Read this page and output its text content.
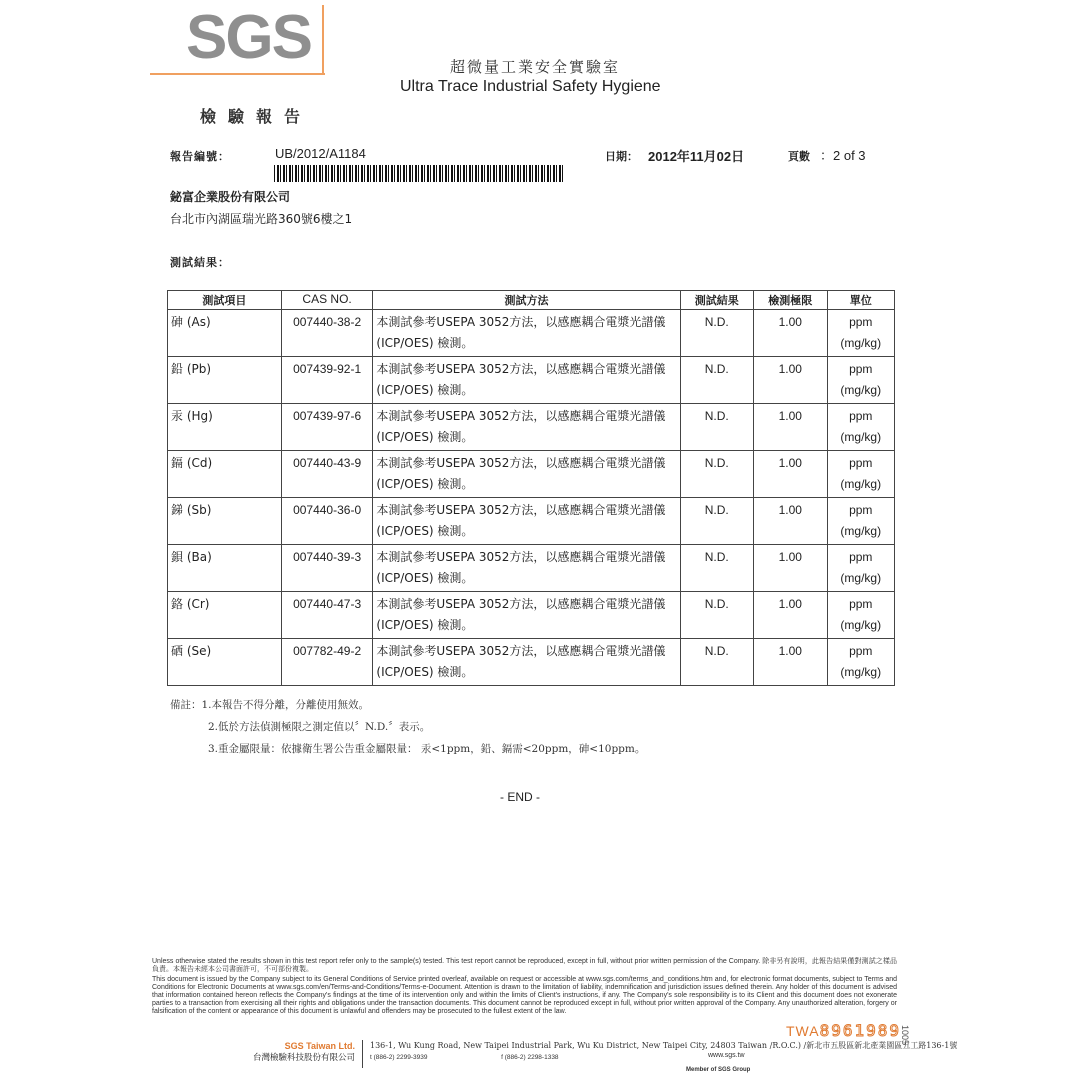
SGS	超微量工業安全實驗室
Ultra Trace Industrial Safety Hygiene
檢驗報告
報告編號：	UB/2012/A1184	日期： 2012年11月02日	頁數 ：2 of 3
鉍富企業股份有限公司
台北市內湖區瑞光路360號6樓之1
測試結果：
測試項目	CAS NO.	測試方法	測試結果	檢測極限	單位
砷 (As)	007440-38-2	本測試參考USEPA 3052方法，以感應耦合電漿光譜儀(ICP/OES) 檢測。	N.D.	1.00	ppm
(mg/kg)
鉛 (Pb)	007439-92-1	本測試參考USEPA 3052方法，以感應耦合電漿光譜儀(ICP/OES) 檢測。	N.D.	1.00	ppm
(mg/kg)
汞 (Hg)	007439-97-6	本測試參考USEPA 3052方法，以感應耦合電漿光譜儀(ICP/OES) 檢測。	N.D.	1.00	ppm
(mg/kg)
鎘 (Cd)	007440-43-9	本測試參考USEPA 3052方法，以感應耦合電漿光譜儀(ICP/OES) 檢測。	N.D.	1.00	ppm
(mg/kg)
銻 (Sb)	007440-36-0	本測試參考USEPA 3052方法，以感應耦合電漿光譜儀(ICP/OES) 檢測。	N.D.	1.00	ppm
(mg/kg)
鋇 (Ba)	007440-39-3	本測試參考USEPA 3052方法，以感應耦合電漿光譜儀(ICP/OES) 檢測。	N.D.	1.00	ppm
(mg/kg)
鉻 (Cr)	007440-47-3	本測試參考USEPA 3052方法，以感應耦合電漿光譜儀(ICP/OES) 檢測。	N.D.	1.00	ppm
(mg/kg)
硒 (Se)	007782-49-2	本測試參考USEPA 3052方法，以感應耦合電漿光譜儀(ICP/OES) 檢測。	N.D.	1.00	ppm
(mg/kg)
備註：1.本報告不得分離，分離使用無效。
2.低於方法偵測極限之測定值以〞N.D.〞表示。
3.重金屬限量：依據衛生署公告重金屬限量： 汞<1ppm，鉛、鎘需<20ppm，砷<10ppm。
- END -

Unless otherwise stated the results shown in this test report refer only to the sample(s) tested. This test report cannot be reproduced, except in full, without prior written permission of the Company. 除非另有說明，此報告結果僅對測試之樣品負責。本報告未經本公司書面許可，不可部份複製。

This document is issued by the Company subject to its General Conditions of Service printed overleaf, available on request or accessible at www.sgs.com/terms_and_conditions.htm and, for electronic format documents, subject to Terms and Conditions for Electronic Documents at www.sgs.com/en/Terms-and-Conditions/Terms-e-Document. Attention is drawn to the limitation of liability, indemnification and jurisdiction issues defined therein. Any holder of this document is advised that information contained hereon reflects the Company's findings at the time of its intervention only and within the limits of Client's instructions, if any. The Company's sole responsibility is to its Client and this document does not exonerate parties to a transaction from exercising all their rights and obligations under the transaction documents. This document cannot be reproduced except in full, without prior written approval of the Company. Any unauthorized alteration, forgery or falsification of the content or appearance of this document is unlawful and offenders may be prosecuted to the fullest extent of the law.

TWA8961989
1005
SGS Taiwan Ltd.
台灣檢驗科技股份有限公司
136-1, Wu Kung Road, New Taipei Industrial Park, Wu Ku District, New Taipei City, 24803 Taiwan /R.O.C.) /新北市五股區新北產業園區五工路136-1號
t (886-2) 2299-3939	f (886-2) 2298-1338	www.sgs.tw
Member of SGS Group
